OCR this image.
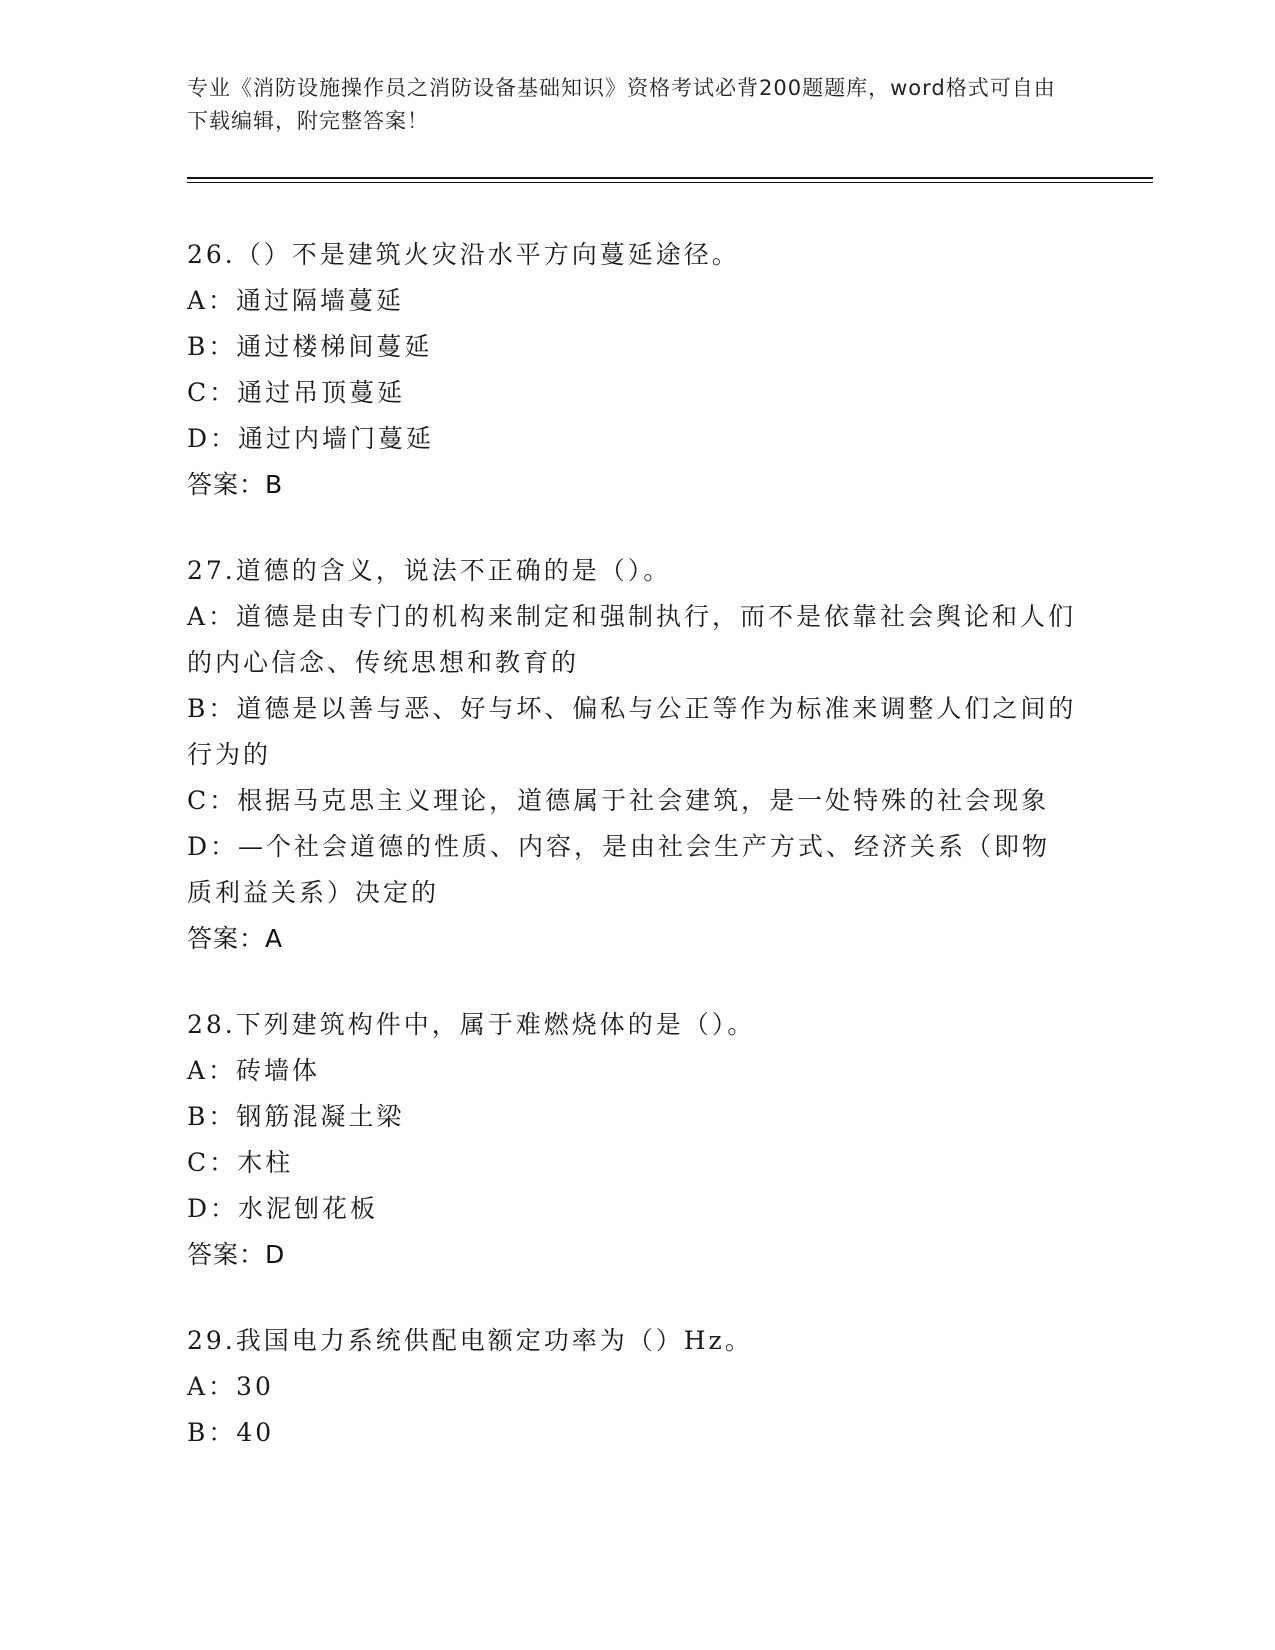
专业《消防设施操作员之消防设备基础知识》资格考试必背200题题库，word格式可自由下载编辑，附完整答案！
26.（）不是建筑火灾沿水平方向蔓延途径。
A：通过隔墙蔓延
B：通过楼梯间蔓延
C：通过吊顶蔓延
D：通过内墙门蔓延
答案：B
27.道德的含义，说法不正确的是（）。
A：道德是由专门的机构来制定和强制执行，而不是依靠社会舆论和人们的内心信念、传统思想和教育的
B：道德是以善与恶、好与坏、偏私与公正等作为标准来调整人们之间的行为的
C：根据马克思主义理论，道德属于社会建筑，是一处特殊的社会现象
D：—个社会道德的性质、内容，是由社会生产方式、经济关系（即物质利益关系）决定的
答案：A
28.下列建筑构件中，属于难燃烧体的是（）。
A：砖墙体
B：钢筋混凝土梁
C：木柱
D：水泥刨花板
答案：D
29.我国电力系统供配电额定功率为（）Hz。
A：30
B：40
